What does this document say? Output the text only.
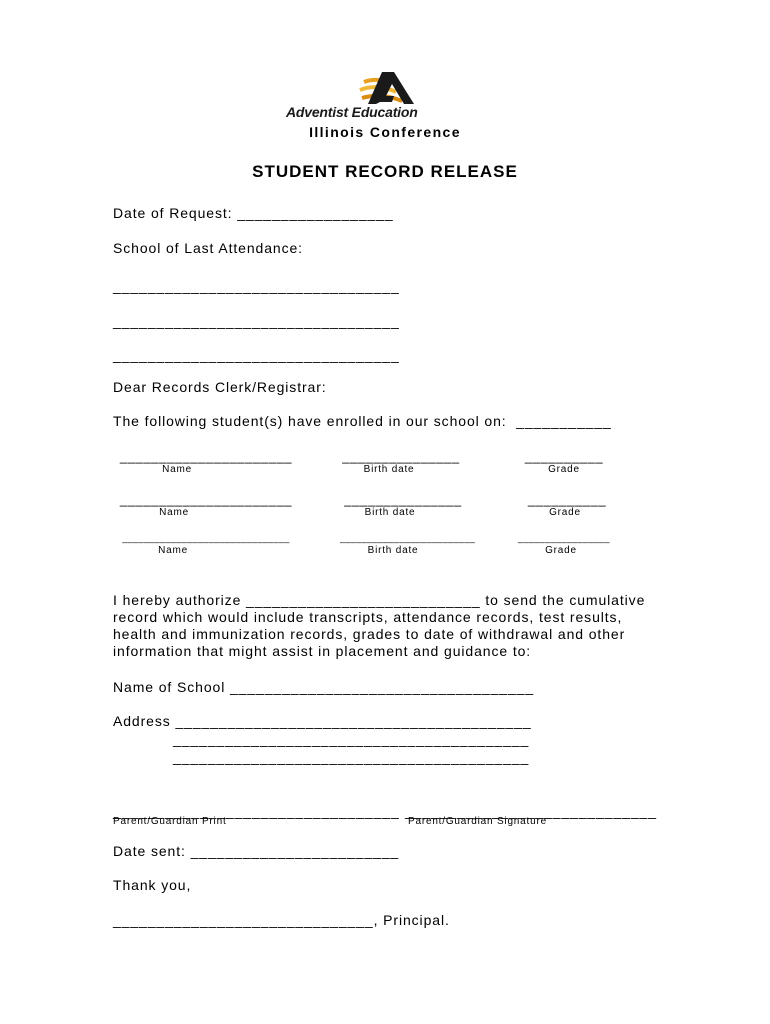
Adventist Education
Illinois Conference
STUDENT RECORD RELEASE
Date of Request: __________________
School of Last Attendance:
_________________________________
_________________________________
_________________________________
Dear Records Clerk/Registrar:
The following student(s) have enrolled in our school on:  ___________
______________________	_______________	__________
Name	Birth date	Grade
______________________	_______________	__________
Name	Birth date	Grade
_______________________________	_________________________	_________________
Name	Birth date	Grade
I hereby authorize ___________________________ to send the cumulative
record which would include transcripts, attendance records, test results,
health and immunization records, grades to date of withdrawal and other
information that might assist in placement and guidance to:
Name of School ___________________________________
Address _________________________________________
_________________________________________
_________________________________________
_________________________________ _____________________________
Parent/Guardian Print	Parent/Guardian Signature
Date sent: ________________________
Thank you,
______________________________, Principal.
